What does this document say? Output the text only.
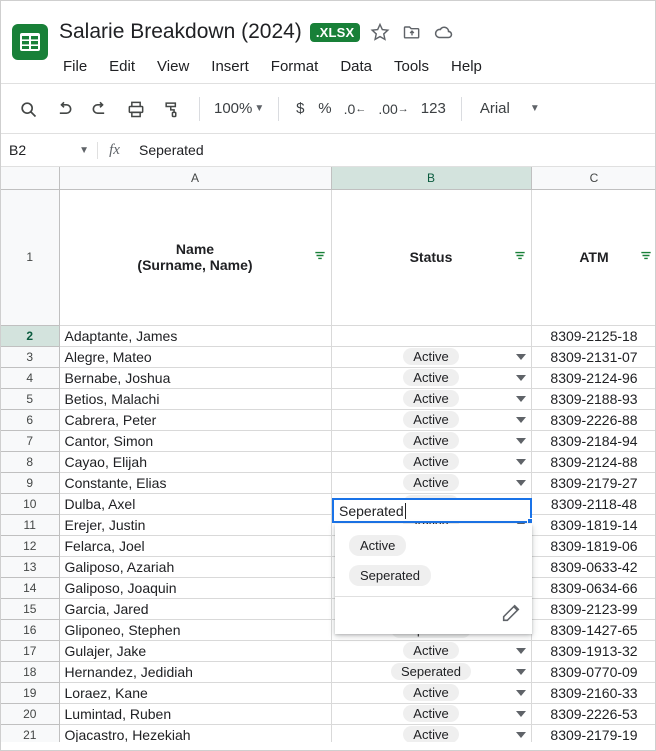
Salarie Breakdown (2024)	.XLSX
File Edit View Insert Format Data Tools Help
100% ▼	$ % .0 ← .00 → 123	Arial ▼
B2	▼	fx	Seperated
	A	B	C
1	Name
(Surname, Name)	Status	ATM

2	Adaptante, James		8309-2125-18
3	Alegre, Mateo	Active	8309-2131-07
4	Bernabe, Joshua	Active	8309-2124-96
5	Betios, Malachi	Active	8309-2188-93
6	Cabrera, Peter	Active	8309-2226-88
7	Cantor, Simon	Active	8309-2184-94
8	Cayao, Elijah	Active	8309-2124-88
9	Constante, Elias	Active	8309-2179-27
10	Dulba, Axel		8309-2118-48
11	Erejer, Justin		8309-1819-14
12	Felarca, Joel		8309-1819-06
13	Galiposo, Azariah		8309-0633-42
14	Galiposo, Joaquin		8309-0634-66
15	Garcia, Jared		8309-2123-99
16	Gliponeo, Stephen		8309-1427-65
17	Gulajer, Jake	Active	8309-1913-32
18	Hernandez, Jedidiah	Seperated	8309-0770-09
19	Loraez, Kane	Active	8309-2160-33
20	Lumintad, Ruben	Active	8309-2226-53
21	Ojacastro, Hezekiah	Active	8309-2179-19
Seperated
Active
Seperated
